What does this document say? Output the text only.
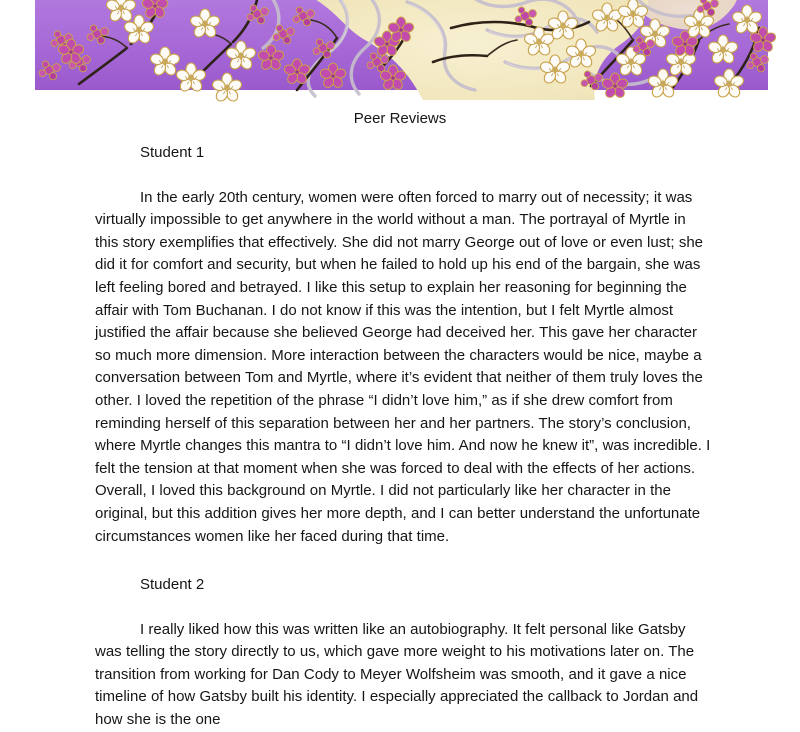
Peer Reviews
Student 1

In the early 20th century, women were often forced to marry out of necessity; it was virtually impossible to get anywhere in the world without a man. The portrayal of Myrtle in this story exemplifies that effectively. She did not marry George out of love or even lust; she did it for comfort and security, but when he failed to hold up his end of the bargain, she was left feeling bored and betrayed. I like this setup to explain her reasoning for beginning the affair with Tom Buchanan. I do not know if this was the intention, but I felt Myrtle almost justified the affair because she believed George had deceived her. This gave her character so much more dimension. More interaction between the characters would be nice, maybe a conversation between Tom and Myrtle, where it’s evident that neither of them truly loves the other. I loved the repetition of the phrase “I didn’t love him,” as if she drew comfort from reminding herself of this separation between her and her partners. The story’s conclusion, where Myrtle changes this mantra to “I didn’t love him. And now he knew it”, was incredible. I felt the tension at that moment when she was forced to deal with the effects of her actions. Overall, I loved this background on Myrtle. I did not particularly like her character in the original, but this addition gives her more depth, and I can better understand the unfortunate circumstances women like her faced during that time.

Student 2

I really liked how this was written like an autobiography. It felt personal like Gatsby was telling the story directly to us, which gave more weight to his motivations later on. The transition from working for Dan Cody to Meyer Wolfsheim was smooth, and it gave a nice timeline of how Gatsby built his identity. I especially appreciated the callback to Jordan and how she is the one
